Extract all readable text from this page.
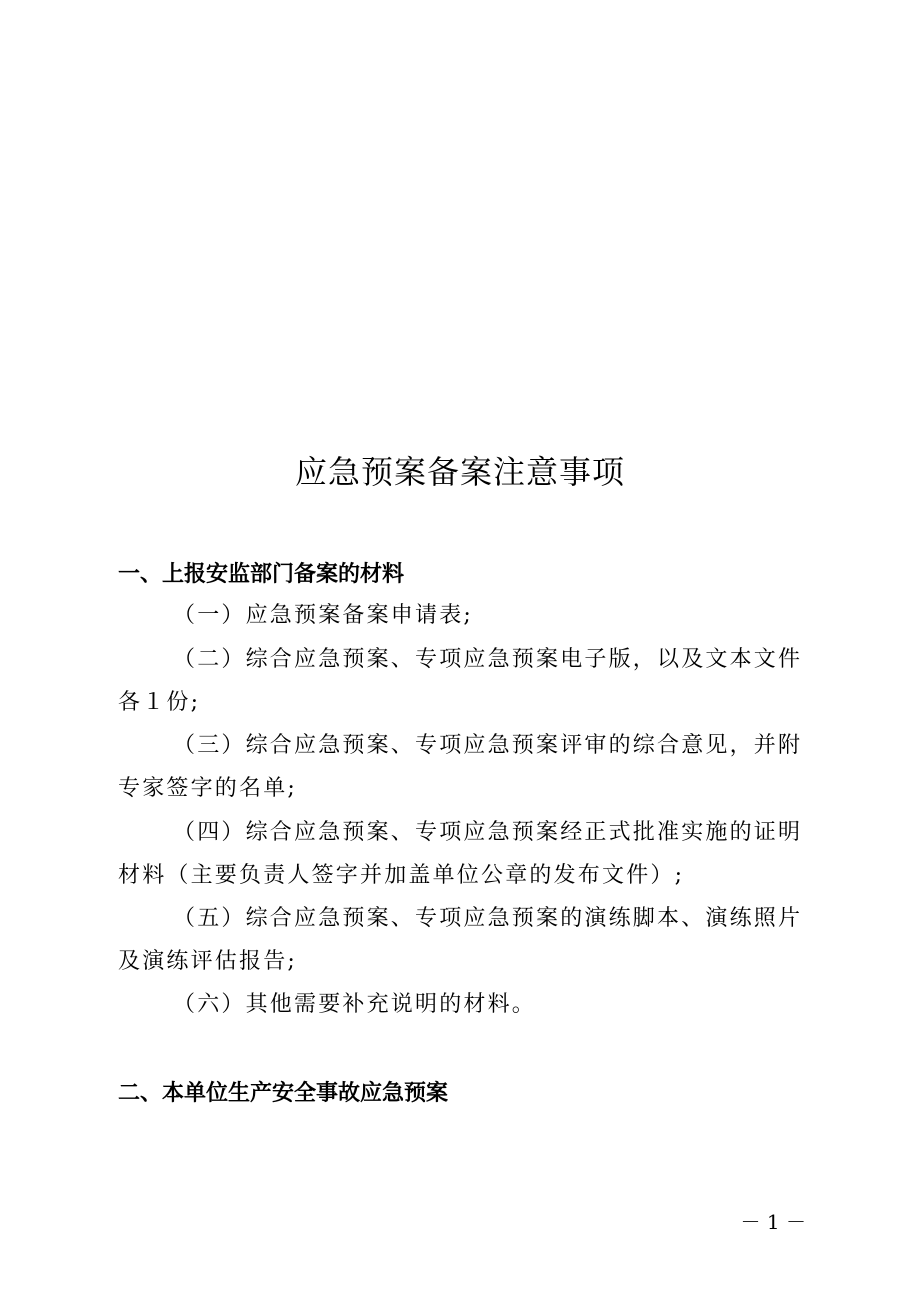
应急预案备案注意事项
一、上报安监部门备案的材料
（一）应急预案备案申请表;
（二）综合应急预案、专项应急预案电子版，以及文本文件各１份;
（三）综合应急预案、专项应急预案评审的综合意见，并附专家签字的名单;
（四）综合应急预案、专项应急预案经正式批准实施的证明材料（主要负责人签字并加盖单位公章的发布文件）;
（五）综合应急预案、专项应急预案的演练脚本、演练照片及演练评估报告;
（六）其他需要补充说明的材料。
二、本单位生产安全事故应急预案
－ 1 －
